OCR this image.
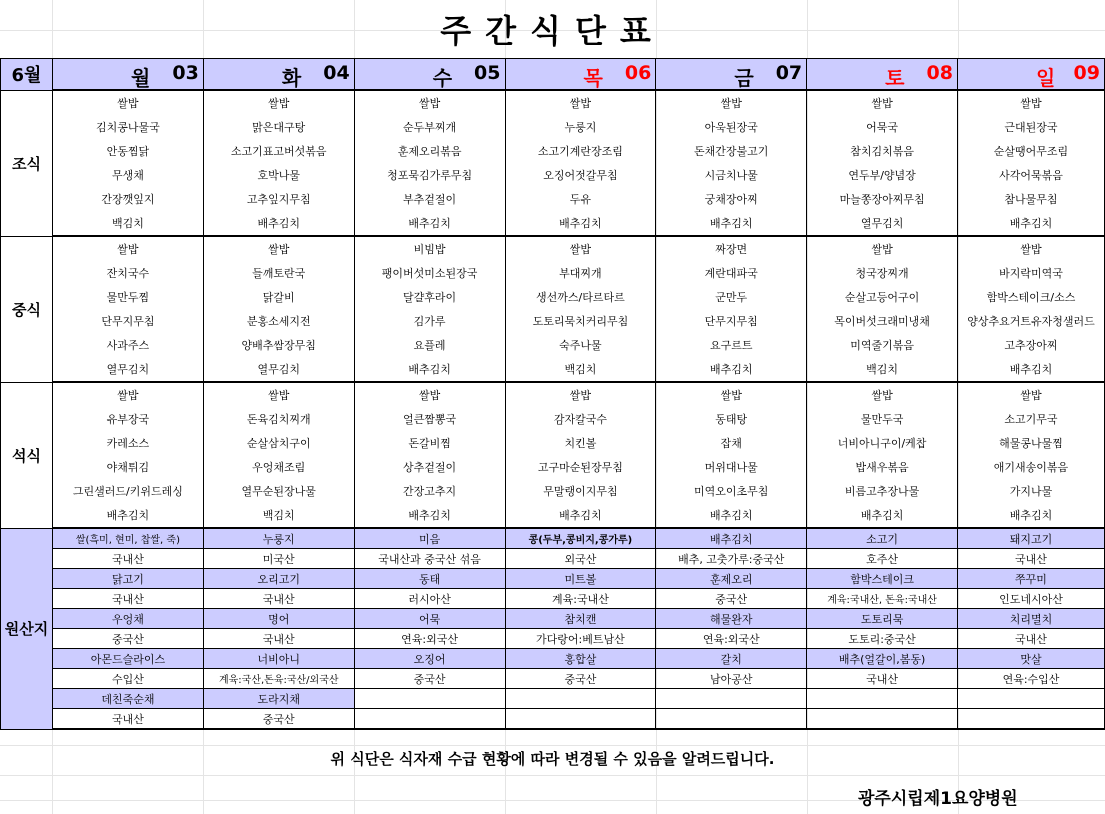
주간식단표
6월	월 03	화 04	수 05	목 06	금 07	토 08	일 09

조식	쌀밥	쌀밥	쌀밥	쌀밥	쌀밥	쌀밥	쌀밥
	김치콩나물국	맑은대구탕	순두부찌개	누룽지	아욱된장국	어묵국	근대된장국
	안동찜닭	소고기표고버섯볶음	훈제오리볶음	소고기계란장조림	돈채간장불고기	참치김치볶음	순살땡어무조림
	무생채	호박나물	청포묵김가루무침	오징어젓갈무침	시금치나물	연두부/양념장	사각어묵볶음
	간장깻잎지	고추잎지무침	부추겉절이	두유	궁채장아찌	마늘쫑장아찌무침	참나물무침
	백김치	배추김치	배추김치	배추김치	배추김치	열무김치	배추김치
중식	쌀밥	쌀밥	비빔밥	쌀밥	짜장면	쌀밥	쌀밥
	잔치국수	들깨토란국	팽이버섯미소된장국	부대찌개	계란대파국	청국장찌개	바지락미역국
	물만두찜	닭갈비	달걀후라이	생선까스/타르타르	군만두	순살고등어구이	함박스테이크/소스
	단무지무침	분홍소세지전	김가루	도토리묵치커리무침	단무지무침	목이버섯크래미냉채	양상추요거트유자청샐러드
	사과주스	양배추쌈장무침	요플레	숙주나물	요구르트	미역줄기볶음	고추장아찌
	열무김치	열무김치	배추김치	백김치	배추김치	백김치	배추김치
석식	쌀밥	쌀밥	쌀밥	쌀밥	쌀밥	쌀밥	쌀밥
	유부장국	돈육김치찌개	얼큰짬뽕국	감자칼국수	동태탕	물만두국	소고기무국
	카레소스	순살삼치구이	돈갈비찜	치킨볼	잡채	너비아니구이/케찹	해물콩나물찜
	야채튀김	우엉채조림	상추겉절이	고구마순된장무침	머위대나물	밥새우볶음	애기새송이볶음
	그린샐러드/키위드레싱	열무순된장나물	간장고추지	무말랭이지무침	미역오이초무침	비름고추장나물	가지나물
	배추김치	백김치	배추김치	배추김치	배추김치	배추김치	배추김치
원산지	쌀(흑미, 현미, 찹쌀, 죽)	누룽지	미음	콩(두부,콩비지,콩가루)	배추김치	소고기	돼지고기
	국내산	미국산	국내산과 중국산 섞음	외국산	배추, 고춧가루:중국산	호주산	국내산
	닭고기	오리고기	동태	미트볼	훈제오리	함박스테이크	쭈꾸미
	국내산	국내산	러시아산	계육:국내산	중국산	계육:국내산, 돈육:국내산	인도네시아산
	우엉채	명어	어묵	참치캔	해물완자	도토리묵	치리멸치
	중국산	국내산	연육:외국산	가다랑어:베트남산	연육:외국산	도토리:중국산	국내산
	아몬드슬라이스	너비아니	오징어	홍합살	갈치	배추(얼갈이,봄동)	맛살
	수입산	계육:국산,돈육:국산/외국산	중국산	중국산	남아공산	국내산	연육:수입산
	데친죽순채	도라지채					
	국내산	중국산					
위 식단은 식자재 수급 현황에 따라 변경될 수 있음을 알려드립니다.
광주시립제1요양병원
